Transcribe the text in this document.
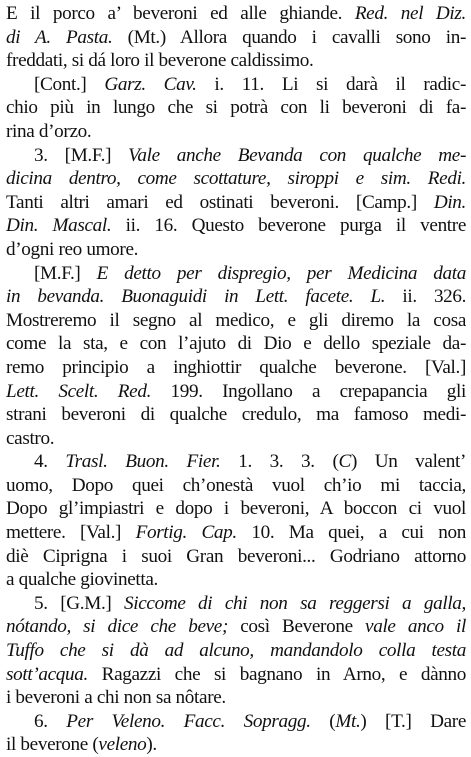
E il porco a’ beveroni ed alle ghiande. Red. nel Diz.
di A. Pasta. (Mt.) Allora quando i cavalli sono in-
freddati, si dá loro il beverone caldissimo.
[Cont.] Garz. Cav. i. 11. Li si darà il radic-
chio più in lungo che si potrà con li beveroni di fa-
rina d’orzo.
3. [M.F.] Vale anche Bevanda con qualche me-
dicina dentro, come scottature, siroppi e sim. Redi.
Tanti altri amari ed ostinati beveroni. [Camp.] Din.
Din. Mascal. ii. 16. Questo beverone purga il ventre
d’ogni reo umore.
[M.F.] E detto per dispregio, per Medicina data
in bevanda. Buonaguidi in Lett. facete. L. ii. 326.
Mostreremo il segno al medico, e gli diremo la cosa
come la sta, e con l’ajuto di Dio e dello speziale da-
remo principio a inghiottir qualche beverone. [Val.]
Lett. Scelt. Red. 199. Ingollano a crepapancia gli
strani beveroni di qualche credulo, ma famoso medi-
castro.
4. Trasl. Buon. Fier. 1. 3. 3. (C) Un valent’
uomo, Dopo quei ch’onestà vuol ch’io mi taccia,
Dopo gl’impiastri e dopo i beveroni, A boccon ci vuol
mettere. [Val.] Fortig. Cap. 10. Ma quei, a cui non
diè Ciprigna i suoi Gran beveroni... Godriano attorno
a qualche giovinetta.
5. [G.M.] Siccome di chi non sa reggersi a galla,
nótando, si dice che beve; così Beverone vale anco il
Tuffo che si dà ad alcuno, mandandolo colla testa
sott’acqua. Ragazzi che si bagnano in Arno, e dànno
i beveroni a chi non sa nôtare.
6. Per Veleno. Facc. Sopragg. (Mt.) [T.] Dare
il beverone (veleno).
